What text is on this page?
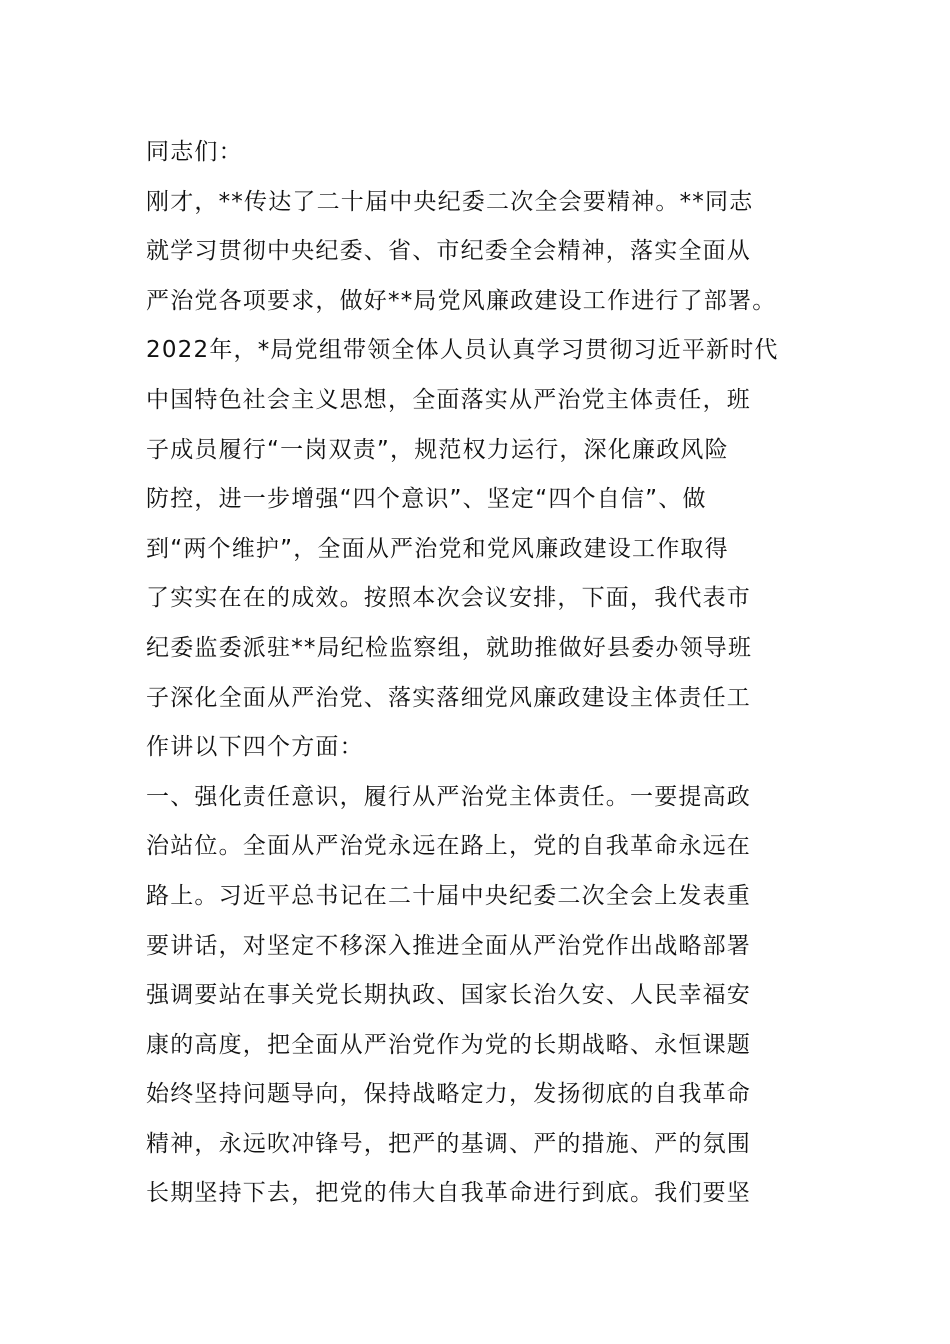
同志们：
刚才，**传达了二十届中央纪委二次全会要精神。**同志
就学习贯彻中央纪委、省、市纪委全会精神，落实全面从
严治党各项要求，做好**局党风廉政建设工作进行了部署。
2022年，*局党组带领全体人员认真学习贯彻习近平新时代
中国特色社会主义思想，全面落实从严治党主体责任，班
子成员履行“一岗双责”，规范权力运行，深化廉政风险
防控，进一步增强“四个意识”、坚定“四个自信”、做
到“两个维护”，全面从严治党和党风廉政建设工作取得
了实实在在的成效。按照本次会议安排，下面，我代表市
纪委监委派驻**局纪检监察组，就助推做好县委办领导班
子深化全面从严治党、落实落细党风廉政建设主体责任工
作讲以下四个方面：
一、强化责任意识，履行从严治党主体责任。一要提高政
治站位。全面从严治党永远在路上，党的自我革命永远在
路上。习近平总书记在二十届中央纪委二次全会上发表重
要讲话，对坚定不移深入推进全面从严治党作出战略部署
强调要站在事关党长期执政、国家长治久安、人民幸福安
康的高度，把全面从严治党作为党的长期战略、永恒课题
始终坚持问题导向，保持战略定力，发扬彻底的自我革命
精神，永远吹冲锋号，把严的基调、严的措施、严的氛围
长期坚持下去，把党的伟大自我革命进行到底。我们要坚
